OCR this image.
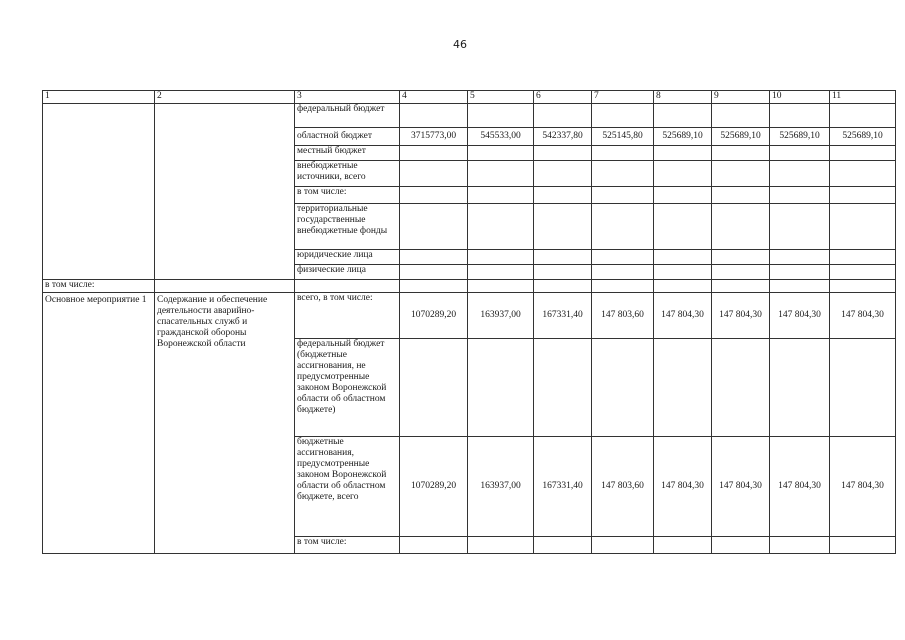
46
1	2	3	4	5	6	7	8	9	10	11
		федеральный бюджет								
		областной бюджет	3715773,00	545533,00	542337,80	525145,80	525689,10	525689,10	525689,10	525689,10
		местный бюджет								
		внебюджетные источники, всего								
		в том числе:								
		территориальные государственные внебюджетные фонды								
		юридические лица								
		физические лица								
в том числе:										
Основное мероприятие 1	Содержание и обеспечение деятельности аварийно-спасательных служб и гражданской обороны Воронежской области	всего, в том числе:	1070289,20	163937,00	167331,40	147 803,60	147 804,30	147 804,30	147 804,30	147 804,30
		федеральный бюджет (бюджетные ассигнования, не предусмотренные законом Воронежской области об областном бюджете)								
		бюджетные ассигнования, предусмотренные законом Воронежской области об областном бюджете, всего	1070289,20	163937,00	167331,40	147 803,60	147 804,30	147 804,30	147 804,30	147 804,30
		в том числе:								
